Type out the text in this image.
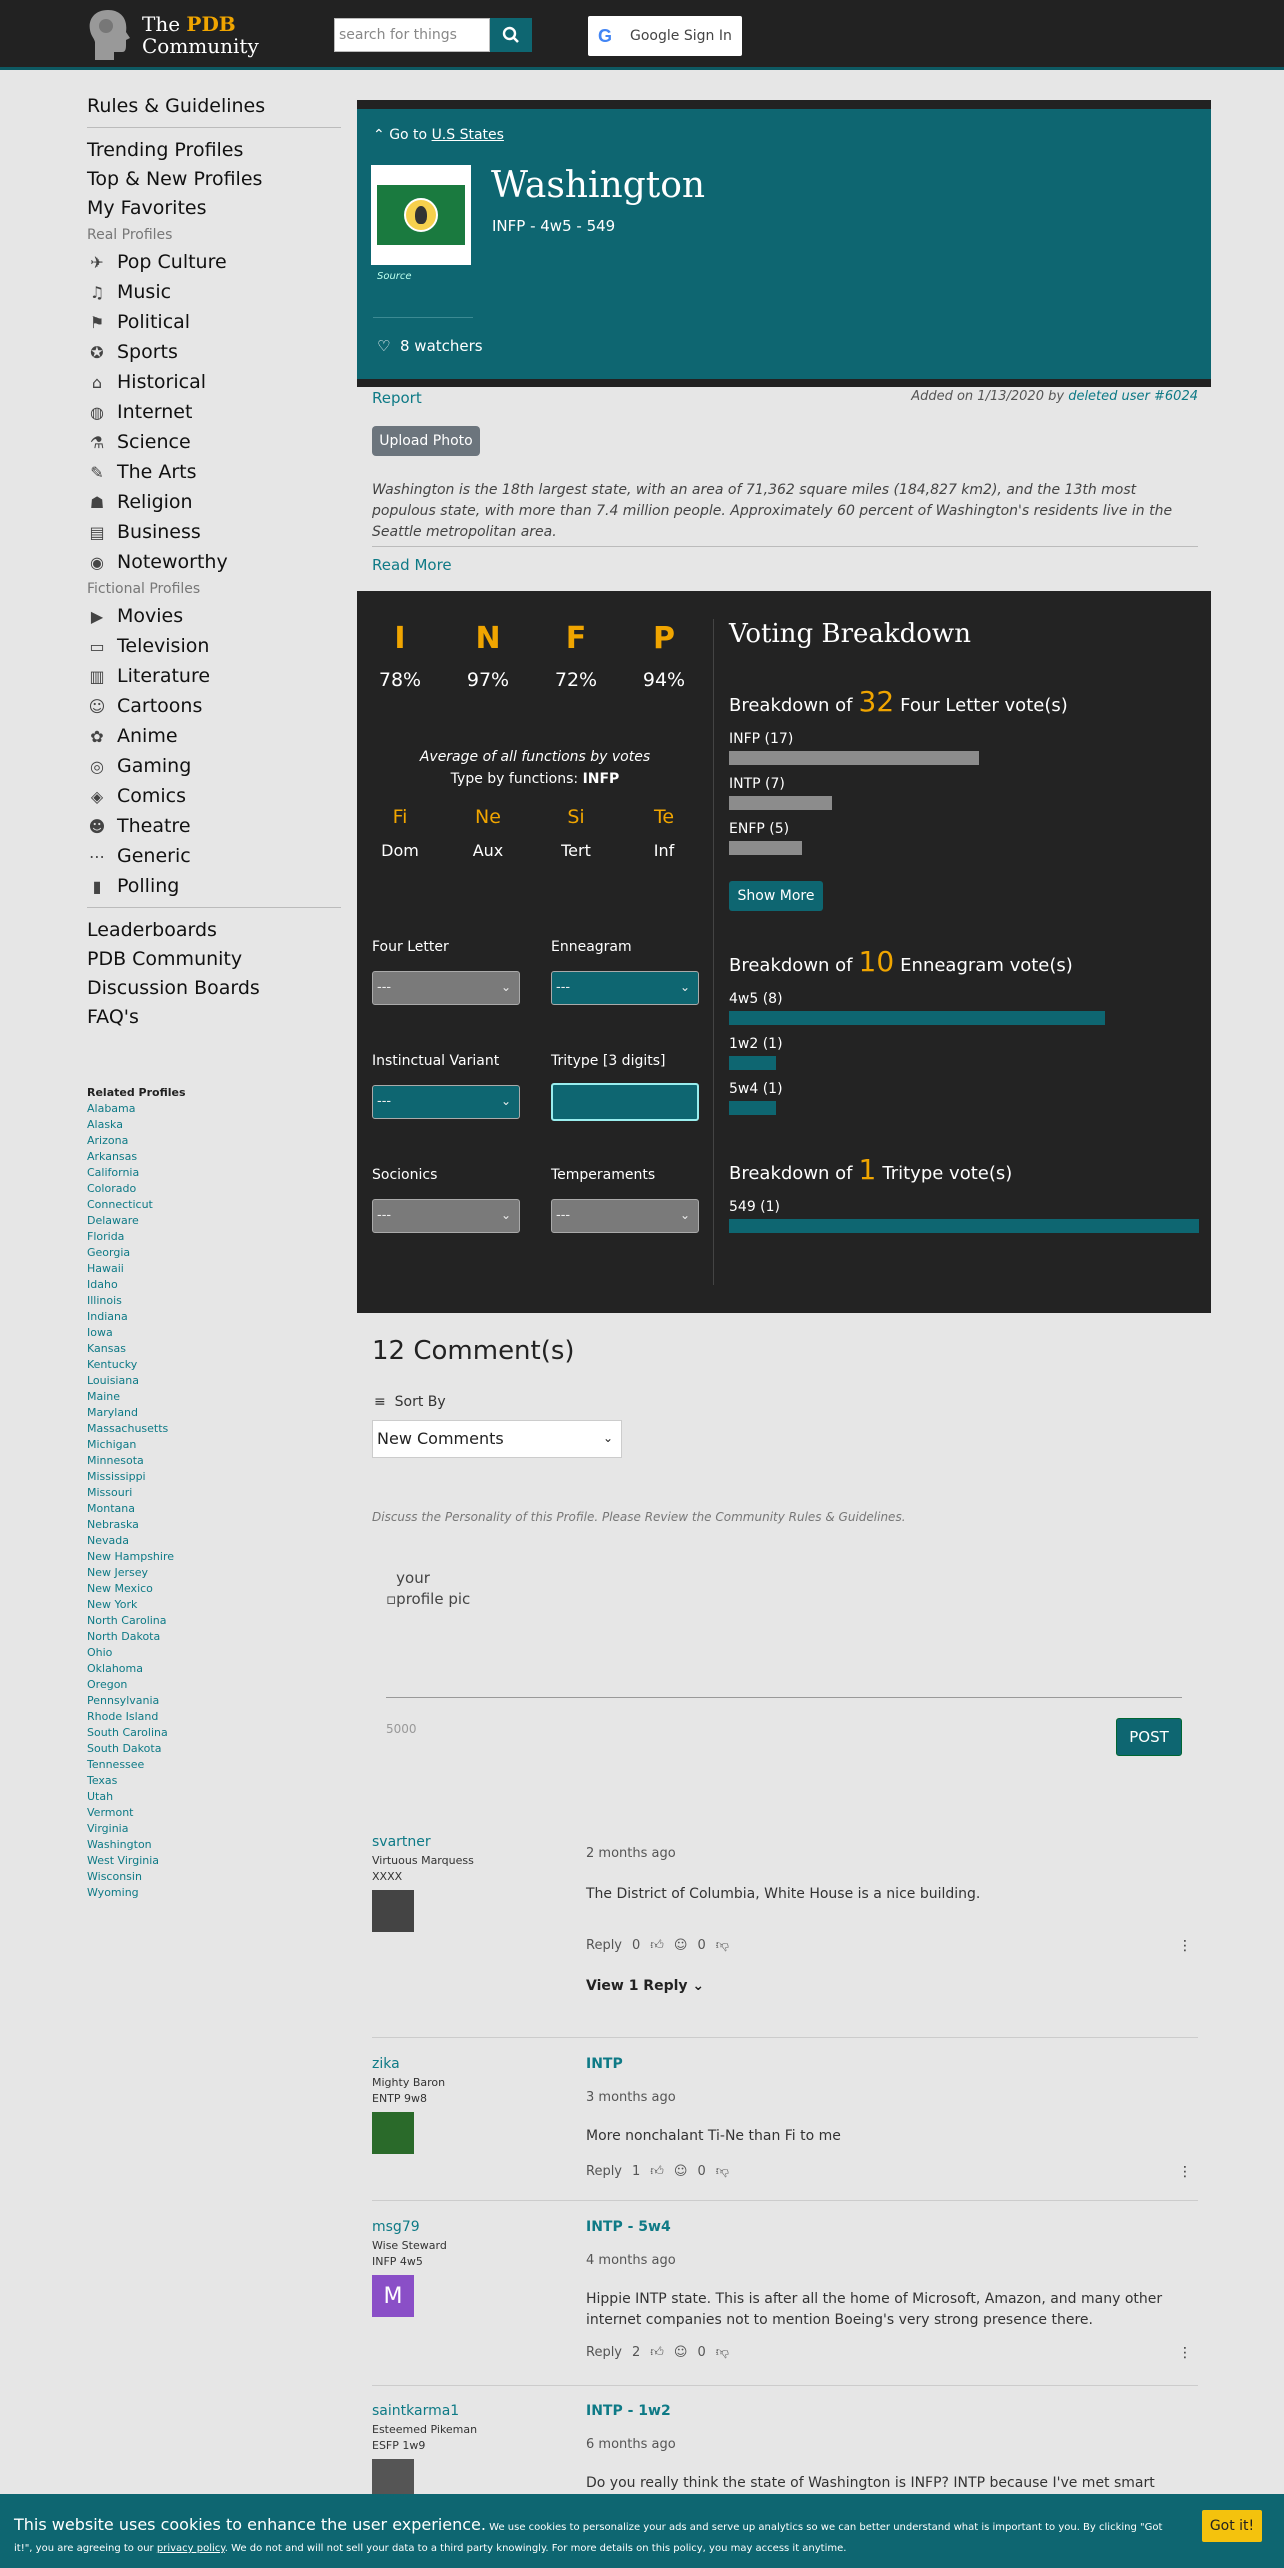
The PDB
Community	search for things	G Google Sign In
Rules & Guidelines
Trending Profiles
Top & New Profiles
My Favorites
Real Profiles
✈ Pop Culture
♫ Music
⚑ Political
✪ Sports
⌂ Historical
◍ Internet
⚗ Science
✎ The Arts
☗ Religion
▤ Business
◉ Noteworthy
Fictional Profiles
▶ Movies
▭ Television
▥ Literature
☺ Cartoons
✿ Anime
◎ Gaming
◈ Comics
☻ Theatre
⋯ Generic
▮ Polling
Leaderboards
PDB Community
Discussion Boards
FAQ's
Related Profiles
Alabama
Alaska
Arizona
Arkansas
California
Colorado
Connecticut
Delaware
Florida
Georgia
Hawaii
Idaho
Illinois
Indiana
Iowa
Kansas
Kentucky
Louisiana
Maine
Maryland
Massachusetts
Michigan
Minnesota
Mississippi
Missouri
Montana
Nebraska
Nevada
New Hampshire
New Jersey
New Mexico
New York
North Carolina
North Dakota
Ohio
Oklahoma
Oregon
Pennsylvania
Rhode Island
South Carolina
South Dakota
Tennessee
Texas
Utah
Vermont
Virginia
Washington
West Virginia
Wisconsin
Wyoming
⌃ Go to U.S States
Source
Washington
INFP - 4w5 - 549
♡ 8 watchers
Report	Added on 1/13/2020 by deleted user #6024
Upload Photo
Washington is the 18th largest state, with an area of 71,362 square miles (184,827 km2), and the 13th most populous state, with more than 7.4 million people. Approximately 60 percent of Washington's residents live in the Seattle metropolitan area.
Read More
Average of all functions by votes
Type by functions: INFP
Four Letter
---	⌄
Enneagram
---	⌄
Instinctual Variant
---	⌄
Tritype [3 digits]
Socionics
---	⌄
Temperaments
---	⌄
Voting Breakdown
Show More
I
78%
N
97%
F
72%
P
94%
Fi
Dom
Ne
Aux
Si
Tert
Te
Inf
Breakdown of 32 Four Letter vote(s)
INFP (17)
INTP (7)
ENFP (5)
Breakdown of 10 Enneagram vote(s)
4w5 (8)
1w2 (1)
5w4 (1)
Breakdown of 1 Tritype vote(s)
549 (1)
12 Comment(s)
≡ Sort By
New Comments	⌄
Discuss the Personality of this Profile. Please Review the Community Rules & Guidelines.
▫your profile pic
5000	POST
svartner
Virtuous Marquess
XXXX
2 months ago
The District of Columbia, White House is a nice building.
Reply 0 👍︎ ☺ 0 👎︎	⋮
View 1 Reply ⌄
zika
Mighty Baron
ENTP 9w8
INTP
3 months ago
More nonchalant Ti-Ne than Fi to me
Reply 1 👍︎ ☺ 0 👎︎	⋮
msg79
Wise Steward
INFP 4w5
M
INTP - 5w4
4 months ago
Hippie INTP state. This is after all the home of Microsoft, Amazon, and many other internet companies not to mention Boeing's very strong presence there.
Reply 2 👍︎ ☺ 0 👎︎	⋮
saintkarma1
Esteemed Pikeman
ESFP 1w9
INTP - 1w2
6 months ago
Do you really think the state of Washington is INFP? INTP because I've met smart
This website uses cookies to enhance the user experience. We use cookies to personalize your ads and serve up analytics so we can better understand what is important to you. By clicking "Got it!", you are agreeing to our privacy policy. We do not and will not sell your data to a third party knowingly. For more details on this policy, you may access it anytime.
Got it!
